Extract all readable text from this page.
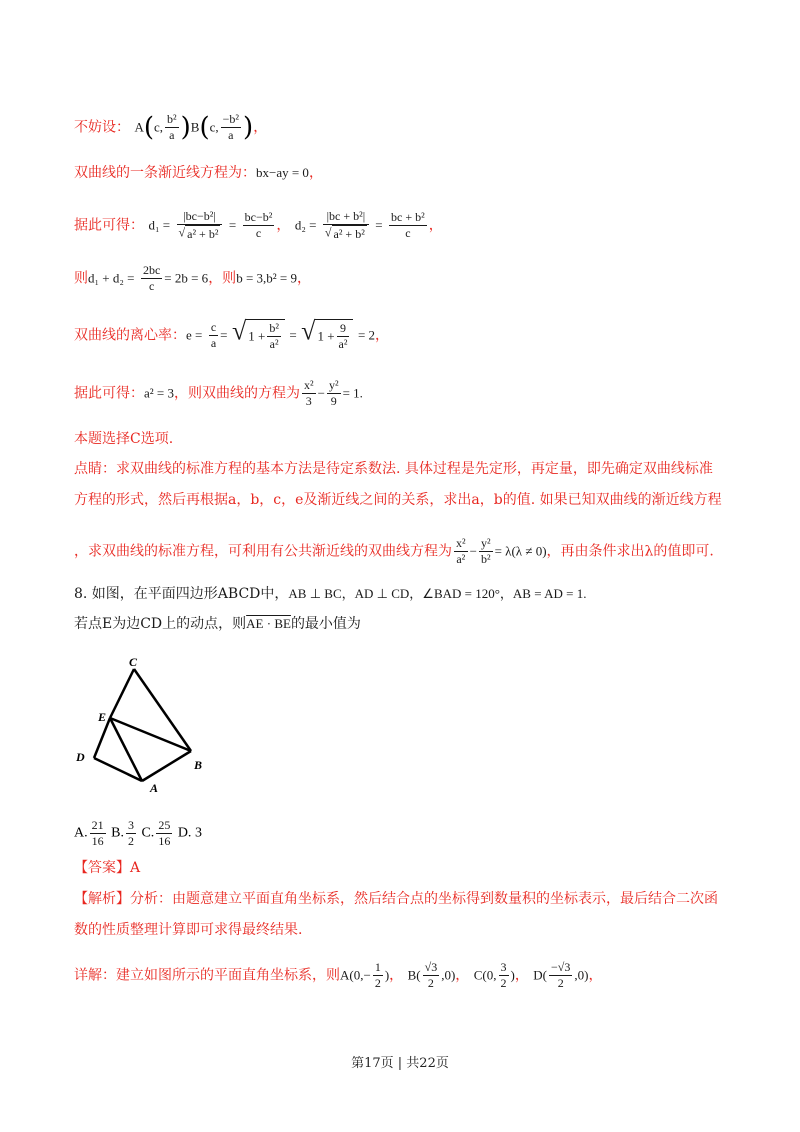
不妨设： A(c, $\frac{\text{b²}}{a} )B(c$, $\frac{\text{−b²}}{a}$ )，
双曲线的一条渐近线方程为：bx−ay = 0，
据此可得： $d_1 = \frac{\text{|bc−b²|}}{\text{√ a² + b²}} = \frac{\text{bc−b²}}{c}$ ， $d_2 = \frac{\text{|bc + b²|}}{\text{√ a² + b²}} = \frac{\text{bc + b²}}{c}$ ，
则$d_1 + d_2 = \frac{2bc}{c} = 2b = 6$，则b = 3,b² = 9，
双曲线的离心率：$e = \frac{c}{a}$ = √ $1 + \frac{\text{b²}}{\text{a²}}$ = √ $1 + \frac{9}{\text{a²}} = 2$，
据此可得：a² = 3，则双曲线的方程为 $\frac{\text{x²}}{3} - \frac{\text{y²}}{9} = 1$.
本题选择C选项.
点睛：求双曲线的标准方程的基本方法是待定系数法. 具体过程是先定形，再定量，即先确定双曲线标准
方程的形式，然后再根据a，b，c，e及渐近线之间的关系，求出a，b的值. 如果已知双曲线的渐近线方程
，求双曲线的标准方程，可利用有公共渐近线的双曲线方程为 $\frac{\text{x²}}{\text{a²}} - \frac{\text{y²}}{\text{b²}} = \lambda(\lambda \ne 0)$，再由条件求出λ的值即可.
8. 如图，在平面四边形ABCD中，AB ⊥ BC，AD ⊥ CD，∠BAD = 120°，AB = AD = 1.
若点E为边CD上的动点，则AE · BE的最小值为
C
E
D
A
B
A. $\frac{21}{16} B$. $\frac{3}{2} C$. $\frac{25}{16} D$. 3
【答案】A
【解析】分析：由题意建立平面直角坐标系，然后结合点的坐标得到数量积的坐标表示，最后结合二次函
数的性质整理计算即可求得最终结果.
详解：建立如图所示的平面直角坐标系，则$A(0,- \frac{1}{2}$ )， $B( \frac{√3}{2} ,0)$， C(0, $\frac{3}{2}$ )， $D( \frac{-√3}{2} ,0)$，
第17页 | 共22页
